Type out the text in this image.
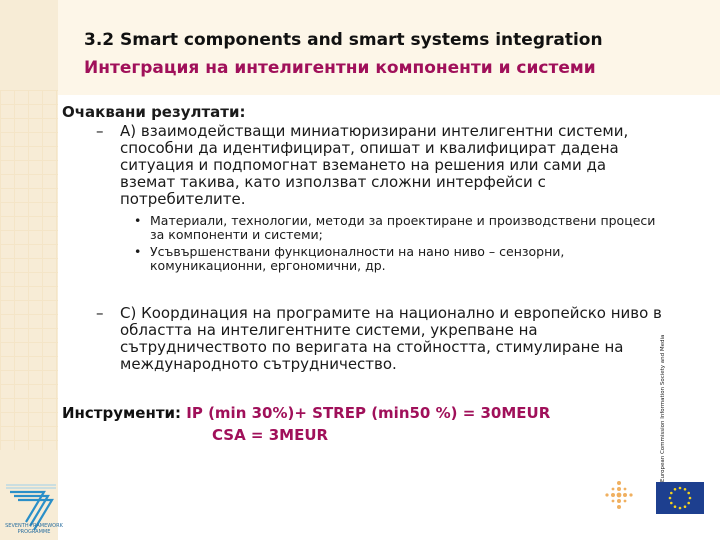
3.2 Smart components and smart systems integration
Интеграция на интелигентни компоненти и системи
Очаквани резултати:
– А) взаимодействащи миниатюризирани интелигентни системи, способни да идентифицират, опишат и квалифицират дадена ситуация и подпомогнат вземането на решения или сами да вземат такива, като използват сложни интерфейси с потребителите.
• Материали, технологии, методи за проектиране и производствени процеси за компоненти и системи;
• Усъвършенствани функционалности на нано ниво – сензорни, комуникационни, ергономични, др.
– С) Координация на програмите на национално и европейско ниво в областта на интелигентните системи, укрепване на сътрудничеството по веригата на стойността, стимулиране на международното сътрудничество.
Инструменти: IP (min 30%)+ STREP (min50 %) = 30MEUR
CSA = 3MEUR	European Commission Information Society and Media
SEVENTH FRAMEWORK PROGRAMME
